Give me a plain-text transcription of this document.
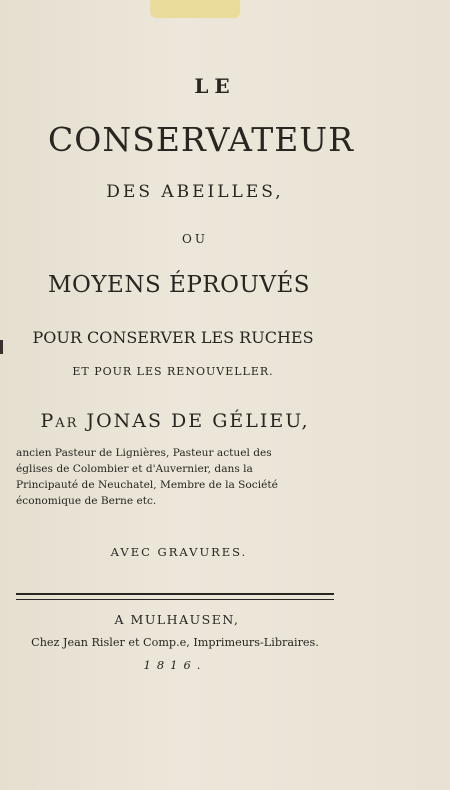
LE
CONSERVATEUR
DES ABEILLES,
OU
MOYENS ÉPROUVÉS
POUR CONSERVER LES RUCHES
ET POUR LES RENOUVELLER.
Par JONAS DE GÉLIEU,
ancien Pasteur de Lignières, Pasteur actuel des
églises de Colombier et d'Auvernier, dans la
Principauté de Neuchatel, Membre de la Société
économique de Berne etc.
AVEC GRAVURES.
A MULHAUSEN,
Chez Jean Risler et Comp.e, Imprimeurs-Libraires.
1816.
